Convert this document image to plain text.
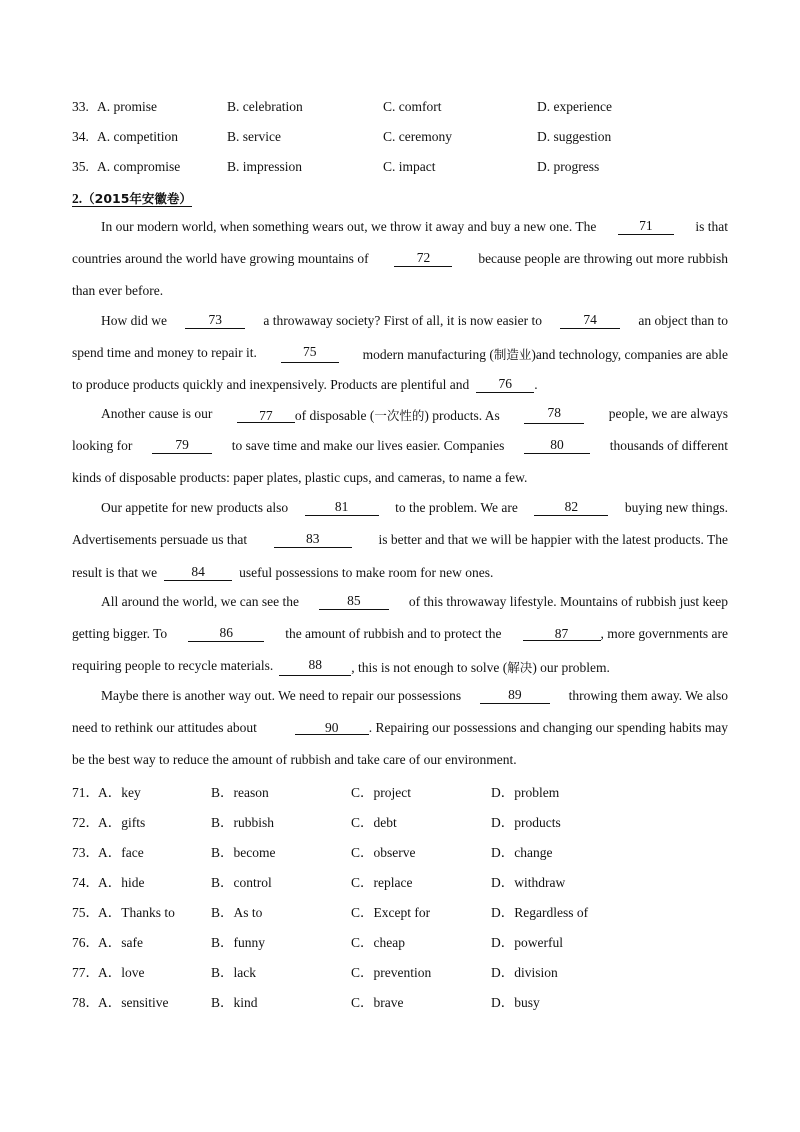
33. A. promise	B. celebration	C. comfort	D. experience
34. A. competition	B. service	C. ceremony	D. suggestion
35. A. compromise	B. impression	C. impact	D. progress
2.（2015年安徽卷）
In our modern world, when something wears out, we throw it away and buy a new one. The	71	is that
countries around the world have growing mountains of	72	because people are throwing out more rubbish
than ever before.
How did we	73	a throwaway society? First of all, it is now easier to	74	an object than to
spend time and money to repair it.	75	modern manufacturing (制造业)and technology, companies are able
to produce products quickly and inexpensively. Products are plentiful and	76	.
Another cause is our	77 of disposable (一次性的) products. As	78	people, we are always
looking for	79	to save time and make our lives easier. Companies	80	thousands of different
kinds of disposable products: paper plates, plastic cups, and cameras, to name a few.
Our appetite for new products also	81	to the problem. We are	82	buying new things.
Advertisements persuade us that	83	is better and that we will be happier with the latest products. The
result is that we	84	useful possessions to make room for new ones.
All around the world, we can see the	85	of this throwaway lifestyle. Mountains of rubbish just keep
getting bigger. To	86	the amount of rubbish and to protect the	87 , more governments are
requiring people to recycle materials.	88	, this is not enough to solve (解决) our problem.
Maybe there is another way out. We need to repair our possessions	89	throwing them away. We also
need to rethink our attitudes about	90 . Repairing our possessions and changing our spending habits may
be the best way to reduce the amount of rubbish and take care of our environment.
71． A．key	B．reason	C．project	D．problem
72． A．gifts	B．rubbish	C．debt	D．products
73． A．face	B．become	C．observe	D．change
74． A．hide	B．control	C．replace	D．withdraw
75． A．Thanks to	B．As to	C．Except for	D．Regardless of
76． A．safe	B．funny	C．cheap	D．powerful
77． A．love	B．lack	C．prevention	D．division
78． A．sensitive	B．kind	C．brave	D．busy
